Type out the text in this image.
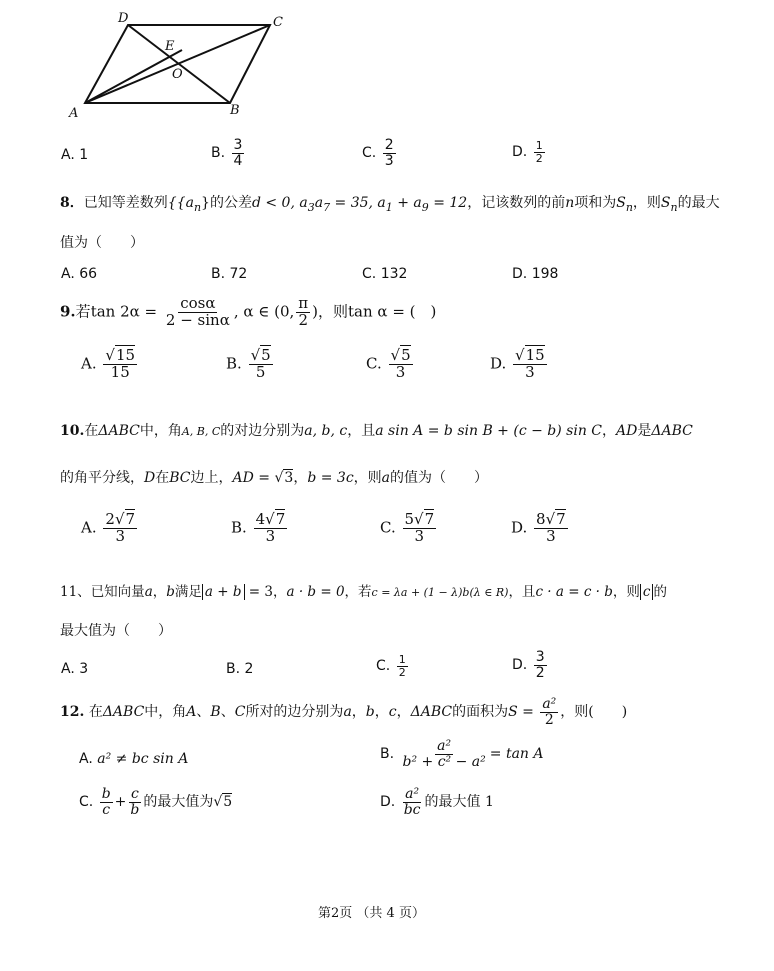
D	C
E
O
A	B
A. 1	B. $\frac{3}{4}$	C. $\frac{2}{3}$	D. $\frac{1}{2}$
8．已知等差数列{$\{a_n\}$的公差d < 0, $a_3a_7 = 35$, $a_1 + a_9 = 12$，记该数列的前n项和为$S_n$，则$S_n$的最大
值为（　　）
A. 66	B. 72	C. 132	D. 198
9.若$\tan 2\alpha = \frac{\cos\alpha}{2 - \sin\alpha}$ , α ∈ (0, $\frac{\pi}{2}$ )，则tan α = (　)
A. $\frac{√15}{15}$	B. $\frac{√5}{5}$	C. $\frac{√5}{3}$	D. $\frac{√15}{3}$
10.在ΔABC中，角A, B, C的对边分别为a, b, c，且a sin A = b sin B + (c − b) sin C，AD是ΔABC
的角平分线，D在BC边上，AD = √3，b = 3c，则a的值为（　　）
A. $\frac{2√7}{3}$	B. $\frac{4√7}{3}$	C. $\frac{5√7}{3}$	D. $\frac{8√7}{3}$
11、已知向量a，b满足 a + b = 3，a · b = 0，若c = λa + (1 − λ)b(λ ∈ R)，且c · a = c · b，则 c 的
最大值为（　　）
A. 3	B. 2	C. $\frac{1}{2}$	D. $\frac{3}{2}$
12. 在ΔABC中，角A、B、C所对的边分别为a，b，c，ΔABC的面积为$S = \frac{\text{a²}}{2}$ ，则(　　)
A. a² ≠ bc sin A	B. $\frac{\text{a²}}{\text{b² + c² − a²}} = \tan A$
C. $\frac{b}{c} + \frac{c}{b}$ 的最大值为√5	D. $\frac{\text{a²}}{bc}$ 的最大值 1
第2页 （共 4 页）
